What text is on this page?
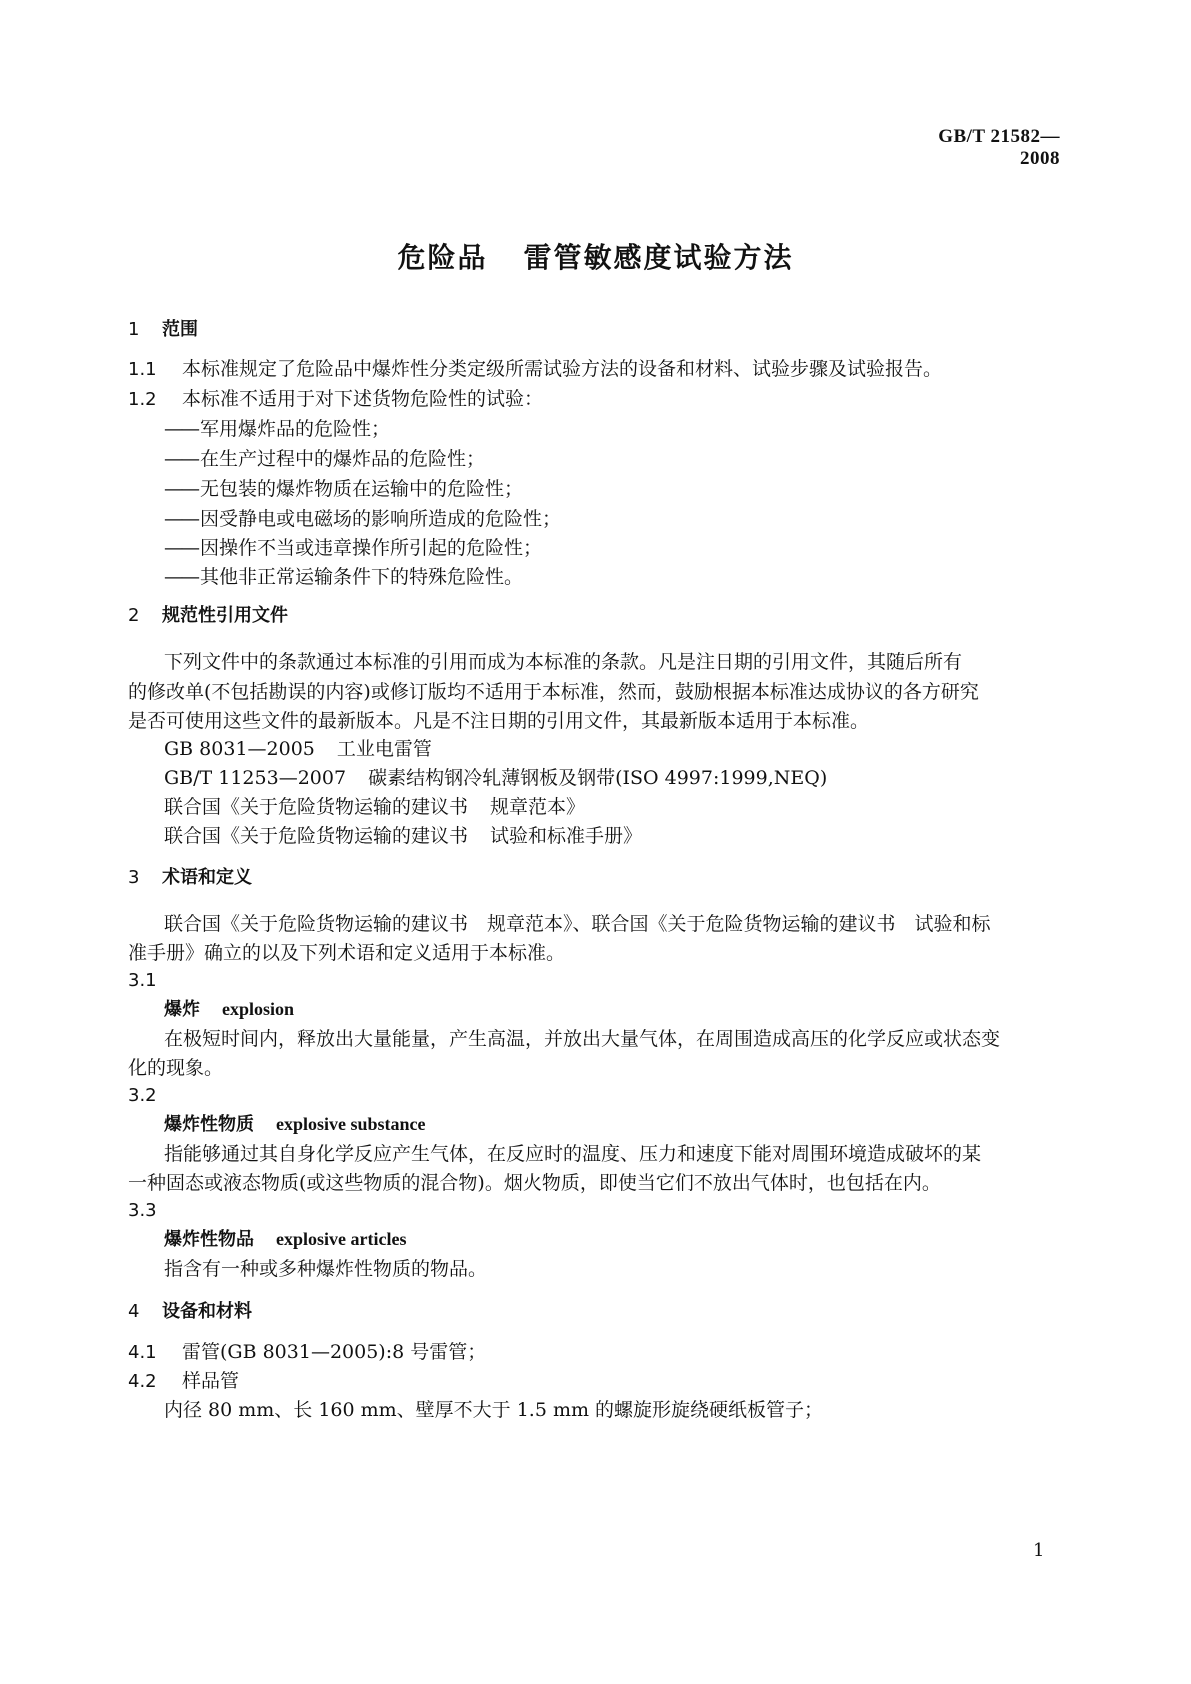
GB/T 21582—2008
危险品 雷管敏感度试验方法
1 范围
1.1 本标准规定了危险品中爆炸性分类定级所需试验方法的设备和材料、试验步骤及试验报告。
1.2 本标准不适用于对下述货物危险性的试验：
—— 军用爆炸品的危险性；
—— 在生产过程中的爆炸品的危险性；
—— 无包装的爆炸物质在运输中的危险性；
—— 因受静电或电磁场的影响所造成的危险性；
—— 因操作不当或违章操作所引起的危险性；
—— 其他非正常运输条件下的特殊危险性。
2 规范性引用文件
下列文件中的条款通过本标准的引用而成为本标准的条款。凡是注日期的引用文件，其随后所有
的修改单(不包括勘误的内容)或修订版均不适用于本标准，然而，鼓励根据本标准达成协议的各方研究
是否可使用这些文件的最新版本。凡是不注日期的引用文件，其最新版本适用于本标准。
GB 8031—2005 工业电雷管
GB/T 11253—2007 碳素结构钢冷轧薄钢板及钢带(ISO 4997:1999,NEQ)
联合国《关于危险货物运输的建议书 规章范本》
联合国《关于危险货物运输的建议书 试验和标准手册》
3 术语和定义
联合国《关于危险货物运输的建议书　规章范本》、联合国《关于危险货物运输的建议书　试验和标
准手册》确立的以及下列术语和定义适用于本标准。
3.1
爆炸 explosion
在极短时间内，释放出大量能量，产生高温，并放出大量气体，在周围造成高压的化学反应或状态变
化的现象。
3.2
爆炸性物质 explosive substance
指能够通过其自身化学反应产生气体，在反应时的温度、压力和速度下能对周围环境造成破坏的某
一种固态或液态物质(或这些物质的混合物)。烟火物质，即使当它们不放出气体时，也包括在内。
3.3
爆炸性物品 explosive articles
指含有一种或多种爆炸性物质的物品。
4 设备和材料
4.1 雷管(GB 8031—2005):8 号雷管；
4.2 样品管
内径 80 mm、长 160 mm、壁厚不大于 1.5 mm 的螺旋形旋绕硬纸板管子；
1
